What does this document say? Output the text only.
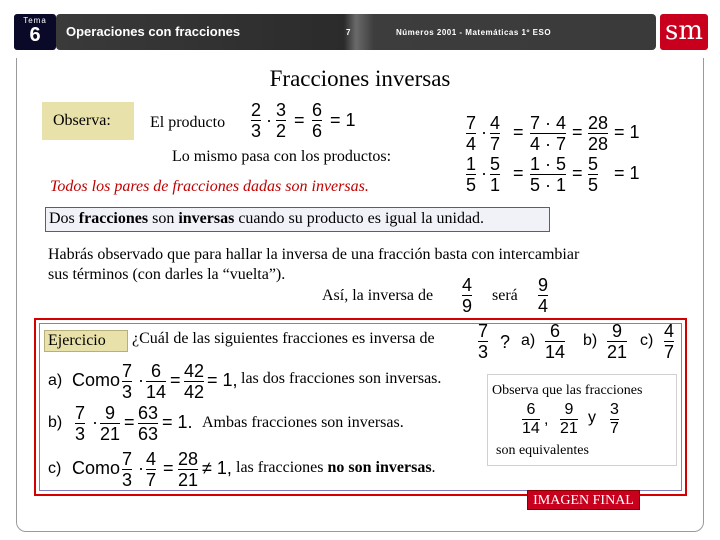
Tema
6	Operaciones con fracciones	7	Números 2001 - Matemáticas 1º ESO	sm
Fracciones inversas
Observa:	El producto
2
3
· 3
2
= 6
6
= 1
Lo mismo pasa con los productos:
7
4
· 4
7
= 7 · 4
4 · 7
= 28
28
= 1
1
5
· 5
1
= 1 · 5
5 · 1
= 5
5
= 1
Todos los pares de fracciones dadas son inversas.
Dos fracciones son inversas cuando su producto es igual la unidad.
Habrás observado que para hallar la inversa de una fracción basta con intercambiar
sus términos (con darles la “vuelta”).
Así, la inversa de
4
9
será
9
4
Ejercicio	¿Cuál de las siguientes fracciones es inversa de 7
3 ? a) 6
14
b) 9
21
c) 4
7
a) Como 7
3
· 6
14
= 42
42
= 1, las dos fracciones son inversas.
b) 7
3
· 9
21
= 63
63
= 1. Ambas fracciones son inversas.
c) Como 7
3
· 4
7
= 28
21
≠ 1, las fracciones no son inversas.
Observa que las fracciones
6
14
,
9
21
y 3
7
son equivalentes
IMAGEN FINAL
